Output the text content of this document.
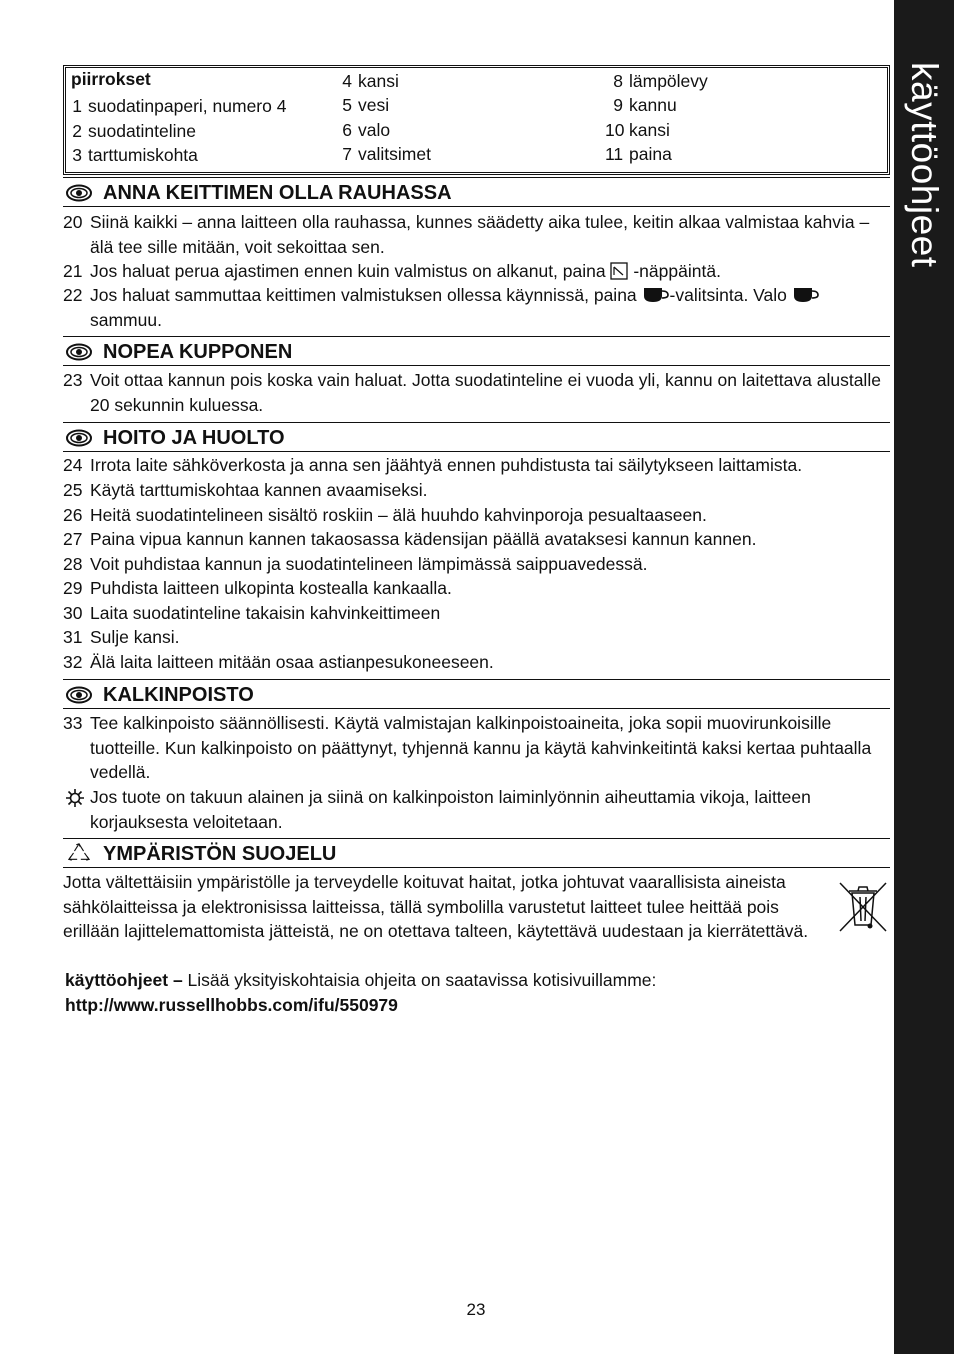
käyttöohjeet
piirrokset
1 suodatinpaperi, numero 4
2 suodatinteline
3 tarttumiskohta
4 kansi
5 vesi
6 valo
7 valitsimet
8 lämpölevy
9 kannu
10 kansi
11 paina
ANNA KEITTIMEN OLLA RAUHASSA
20 Siinä kaikki – anna laitteen olla rauhassa, kunnes säädetty aika tulee, keitin alkaa valmistaa kahvia – älä tee sille mitään, voit sekoittaa sen.
21 Jos haluat perua ajastimen ennen kuin valmistus on alkanut, paina -näppäintä.
22 Jos haluat sammuttaa keittimen valmistuksen ollessa käynnissä, paina -valitsinta. Valo
sammuu.
NOPEA KUPPONEN
23 Voit ottaa kannun pois koska vain haluat. Jotta suodatinteline ei vuoda yli, kannu on laitettava alustalle 20 sekunnin kuluessa.
HOITO JA HUOLTO
24 Irrota laite sähköverkosta ja anna sen jäähtyä ennen puhdistusta tai säilytykseen laittamista.
25 Käytä tarttumiskohtaa kannen avaamiseksi.
26 Heitä suodatintelineen sisältö roskiin – älä huuhdo kahvinporoja pesualtaaseen.
27 Paina vipua kannun kannen takaosassa kädensijan päällä avataksesi kannun kannen.
28 Voit puhdistaa kannun ja suodatintelineen lämpimässä saippuavedessä.
29 Puhdista laitteen ulkopinta kostealla kankaalla.
30 Laita suodatinteline takaisin kahvinkeittimeen
31 Sulje kansi.
32 Älä laita laitteen mitään osaa astianpesukoneeseen.
KALKINPOISTO
33 Tee kalkinpoisto säännöllisesti. Käytä valmistajan kalkinpoistoaineita, joka sopii muovirunkoisille tuotteille. Kun kalkinpoisto on päättynyt, tyhjennä kannu ja käytä kahvinkeitintä kaksi kertaa puhtaalla vedellä.
Jos tuote on takuun alainen ja siinä on kalkinpoiston laiminlyönnin aiheuttamia vikoja, laitteen korjauksesta veloitetaan.
YMPÄRISTÖN SUOJELU
Jotta vältettäisiin ympäristölle ja terveydelle koituvat haitat, jotka johtuvat vaarallisista aineista sähkölaitteissa ja elektronisissa laitteissa, tällä symbolilla varustetut laitteet tulee heittää pois erillään lajittelemattomista jätteistä, ne on otettava talteen, käytettävä uudestaan ja kierrätettävä.
käyttöohjeet – Lisää yksityiskohtaisia ohjeita on saatavissa kotisivuillamme:
http://www.russellhobbs.com/ifu/550979
23
